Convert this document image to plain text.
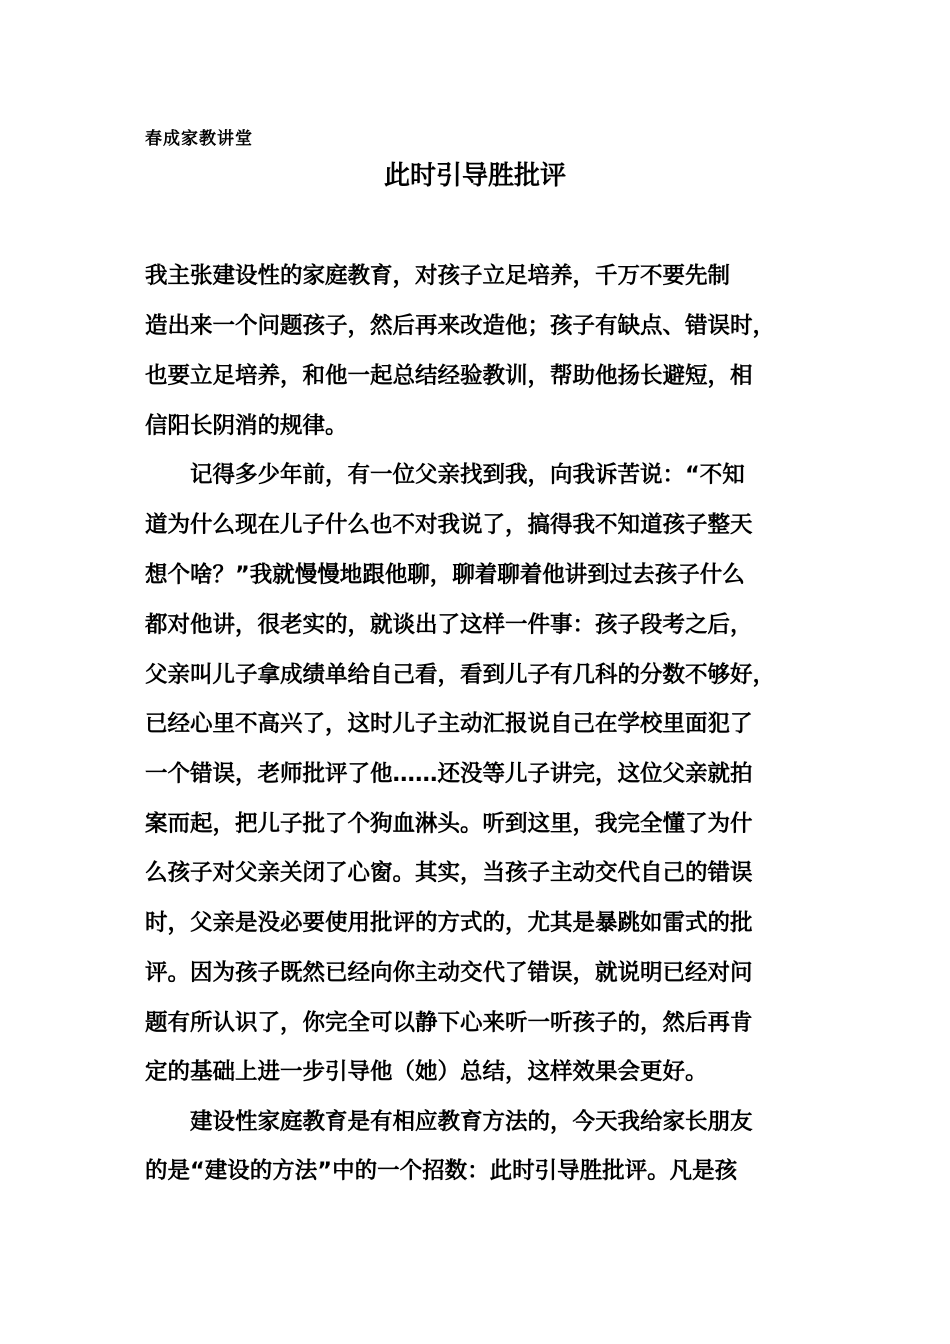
春成家教讲堂
此时引导胜批评
我主张建设性的家庭教育，对孩子立足培养，千万不要先制
造出来一个问题孩子，然后再来改造他；孩子有缺点、错误时，
也要立足培养，和他一起总结经验教训，帮助他扬长避短，相
信阳长阴消的规律。
　　记得多少年前，有一位父亲找到我，向我诉苦说：“不知
道为什么现在儿子什么也不对我说了，搞得我不知道孩子整天
想个啥？”我就慢慢地跟他聊，聊着聊着他讲到过去孩子什么
都对他讲，很老实的，就谈出了这样一件事：孩子段考之后，
父亲叫儿子拿成绩单给自己看，看到儿子有几科的分数不够好，
已经心里不高兴了，这时儿子主动汇报说自己在学校里面犯了
一个错误，老师批评了他……还没等儿子讲完，这位父亲就拍
案而起，把儿子批了个狗血淋头。听到这里，我完全懂了为什
么孩子对父亲关闭了心窗。其实，当孩子主动交代自己的错误
时，父亲是没必要使用批评的方式的，尤其是暴跳如雷式的批
评。因为孩子既然已经向你主动交代了错误，就说明已经对问
题有所认识了，你完全可以静下心来听一听孩子的，然后再肯
定的基础上进一步引导他（她）总结，这样效果会更好。
　　建设性家庭教育是有相应教育方法的，今天我给家长朋友
的是“建设的方法”中的一个招数：此时引导胜批评。凡是孩
